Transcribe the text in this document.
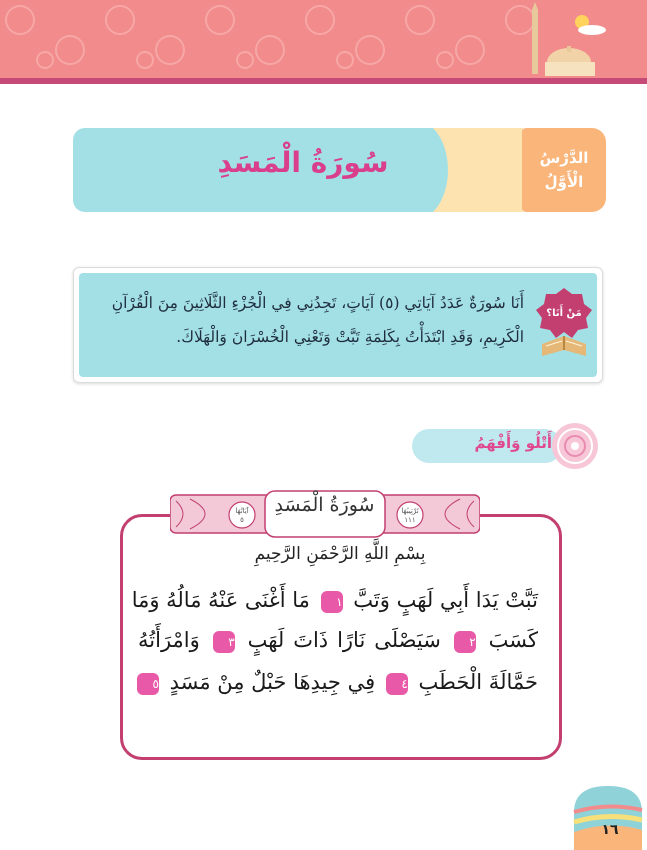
الدَّرْسُ
الْأَوَّلُ
سُورَةُ الْمَسَدِ
مَنْ أَنَا؟
أَنَا سُورَةٌ عَدَدُ آيَاتِي (٥) آيَاتٍ، تَجِدُنِي فِي الْجُزْءِ الثَّلَاثِينَ مِنَ الْقُرْآنِ
الْكَرِيمِ، وَقَدِ ابْتَدَأْتُ بِكَلِمَةِ تَبَّتْ وَتَعْنِي الْخُسْرَانَ وَالْهَلَاكَ.
أَتْلُو وَأَفْهَمُ
سُورَةُ الْمَسَدِ
آيَاتُهَا
٥
تَرْتِيبُهَا
١١١
بِسْمِ اللَّهِ الرَّحْمَنِ الرَّحِيمِ
تَبَّتْ يَدَا أَبِي لَهَبٍ وَتَبَّ ١ مَا أَغْنَى عَنْهُ مَالُهُ وَمَا
كَسَبَ ٢ سَيَصْلَى نَارًا ذَاتَ لَهَبٍ ٣ وَامْرَأَتُهُ
حَمَّالَةَ الْحَطَبِ ٤ فِي جِيدِهَا حَبْلٌ مِنْ مَسَدٍ ٥
١٦
